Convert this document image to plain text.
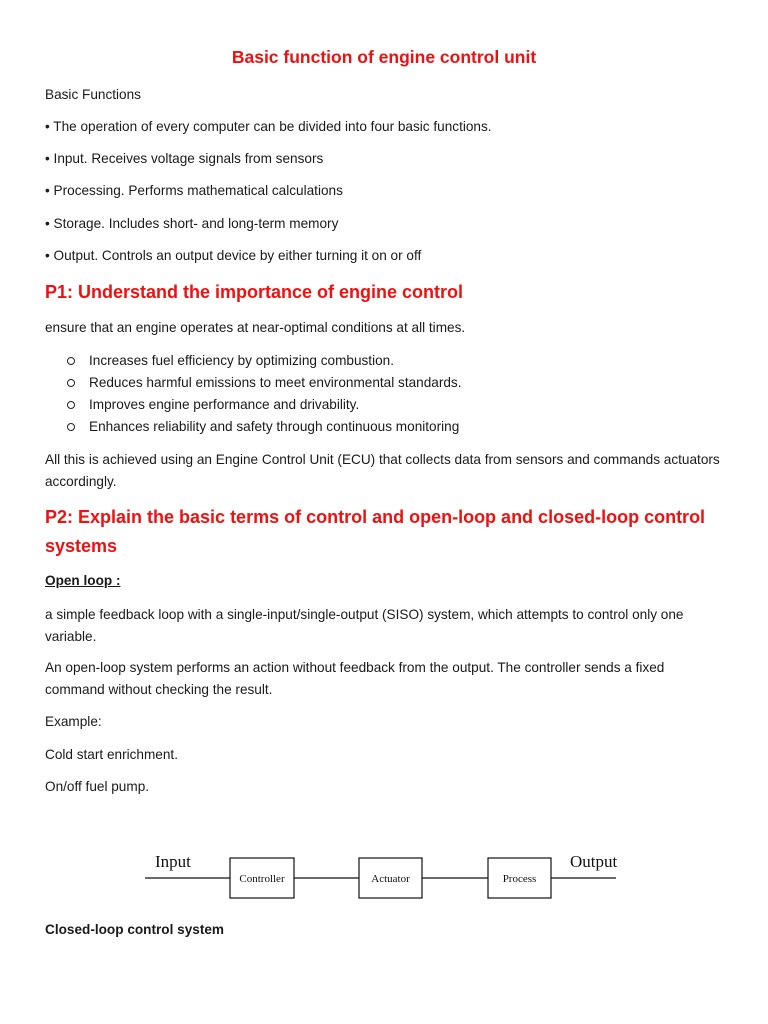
Basic function of engine control unit
Basic Functions
• The operation of every computer can be divided into four basic functions.
• Input. Receives voltage signals from sensors
• Processing. Performs mathematical calculations
• Storage. Includes short- and long-term memory
• Output. Controls an output device by either turning it on or off
P1: Understand the importance of engine control
ensure that an engine operates at near-optimal conditions at all times.
Increases fuel efficiency by optimizing combustion.
Reduces harmful emissions to meet environmental standards.
Improves engine performance and drivability.
Enhances reliability and safety through continuous monitoring
All this is achieved using an Engine Control Unit (ECU) that collects data from sensors and commands actuators accordingly.
P2: Explain the basic terms of control and open-loop and closed-loop control systems
Open loop :
a simple feedback loop with a single-input/single-output (SISO) system, which attempts to control only one variable.
An open-loop system performs an action without feedback from the output. The controller sends a fixed command without checking the result.
Example:
Cold start enrichment.
On/off fuel pump.
Input
Controller	Actuator	Process
Output
Closed-loop control system
